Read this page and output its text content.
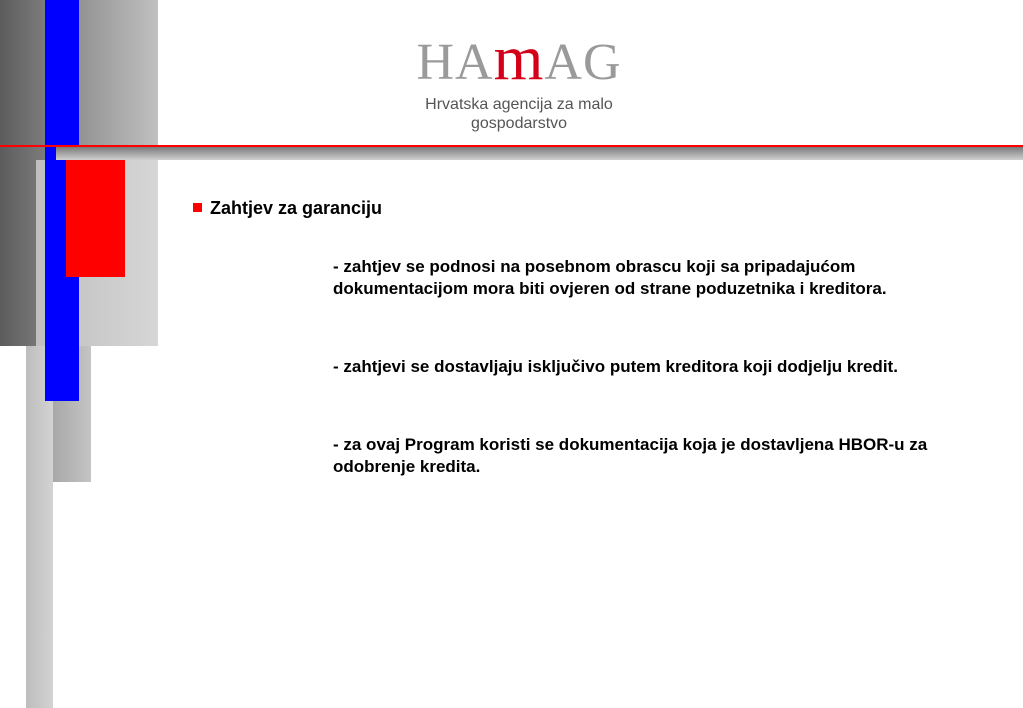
HAmAG
Hrvatska agencija za malo
gospodarstvo
Zahtjev za garanciju
- zahtjev se podnosi na posebnom obrascu koji sa pripadajućom dokumentacijom mora biti ovjeren od strane poduzetnika i kreditora.
- zahtjevi se dostavljaju isključivo putem kreditora koji dodjelju kredit.
- za ovaj Program koristi se dokumentacija koja je dostavljena HBOR-u za odobrenje kredita.
